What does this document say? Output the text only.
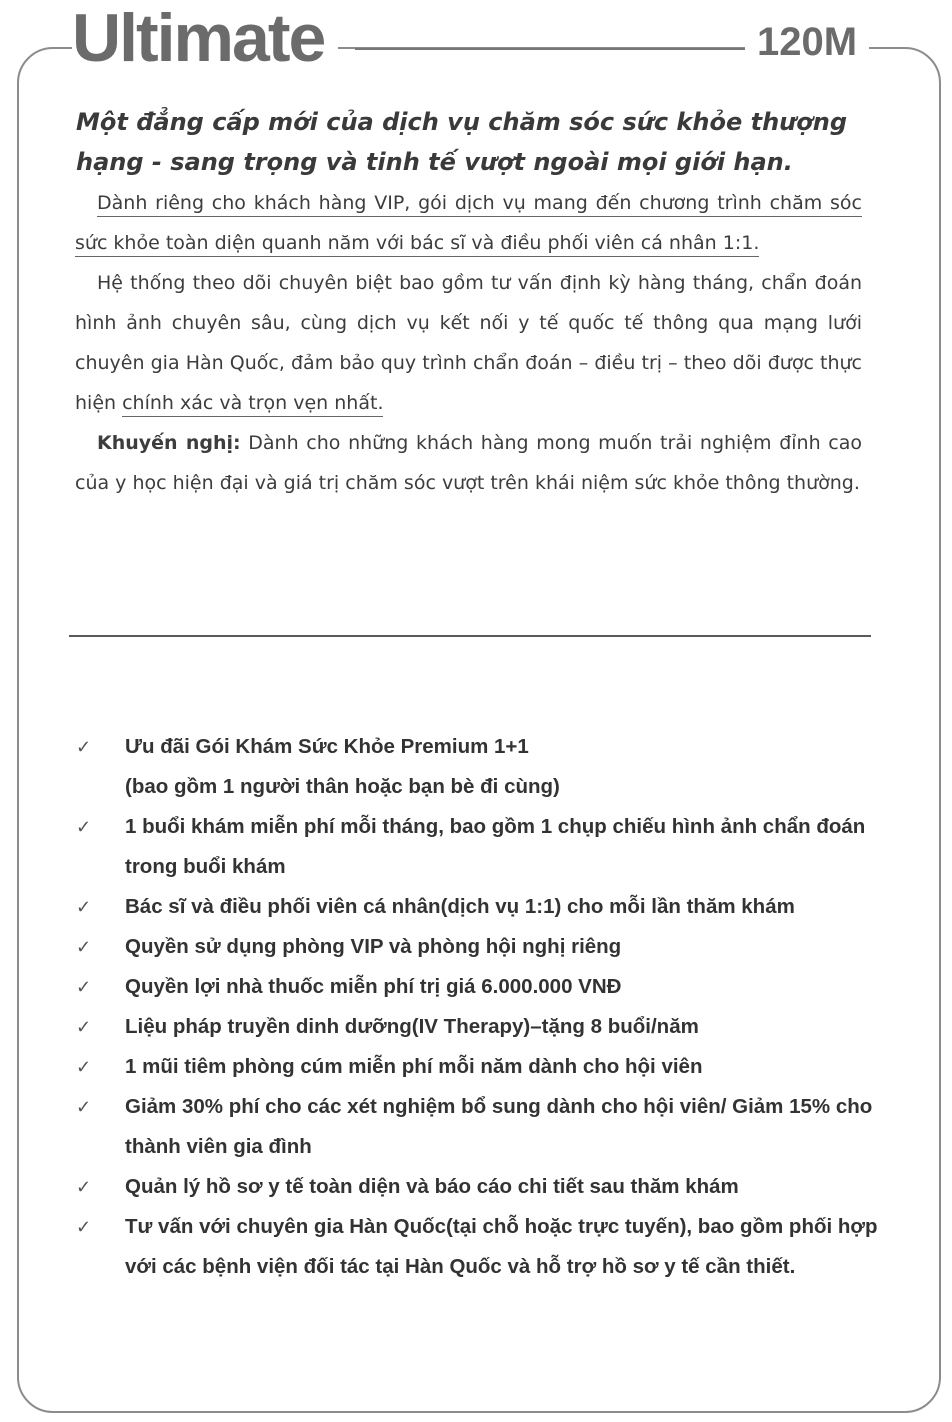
Ultimate	120M

Một đẳng cấp mới của dịch vụ chăm sóc sức khỏe thượng hạng - sang trọng và tinh tế vượt ngoài mọi giới hạn.

Dành riêng cho khách hàng VIP, gói dịch vụ mang đến chương trình chăm sóc sức khỏe toàn diện quanh năm với bác sĩ và điều phối viên cá nhân 1:1.

Hệ thống theo dõi chuyên biệt bao gồm tư vấn định kỳ hàng tháng, chẩn đoán hình ảnh chuyên sâu, cùng dịch vụ kết nối y tế quốc tế thông qua mạng lưới chuyên gia Hàn Quốc, đảm bảo quy trình chẩn đoán – điều trị – theo dõi được thực hiện chính xác và trọn vẹn nhất.

Khuyến nghị: Dành cho những khách hàng mong muốn trải nghiệm đỉnh cao của y học hiện đại và giá trị chăm sóc vượt trên khái niệm sức khỏe thông thường.

✓ Ưu đãi Gói Khám Sức Khỏe Premium 1+1
(bao gồm 1 người thân hoặc bạn bè đi cùng)
✓ 1 buổi khám miễn phí mỗi tháng, bao gồm 1 chụp chiếu hình ảnh chẩn đoán trong buổi khám
✓ Bác sĩ và điều phối viên cá nhân(dịch vụ 1:1) cho mỗi lần thăm khám
✓ Quyền sử dụng phòng VIP và phòng hội nghị riêng
✓ Quyền lợi nhà thuốc miễn phí trị giá 6.000.000 VNĐ
✓ Liệu pháp truyền dinh dưỡng(IV Therapy)–tặng 8 buổi/năm
✓ 1 mũi tiêm phòng cúm miễn phí mỗi năm dành cho hội viên
✓ Giảm 30% phí cho các xét nghiệm bổ sung dành cho hội viên/ Giảm 15% cho thành viên gia đình
✓ Quản lý hồ sơ y tế toàn diện và báo cáo chi tiết sau thăm khám
✓ Tư vấn với chuyên gia Hàn Quốc(tại chỗ hoặc trực tuyến), bao gồm phối hợp với các bệnh viện đối tác tại Hàn Quốc và hỗ trợ hồ sơ y tế cần thiết.
